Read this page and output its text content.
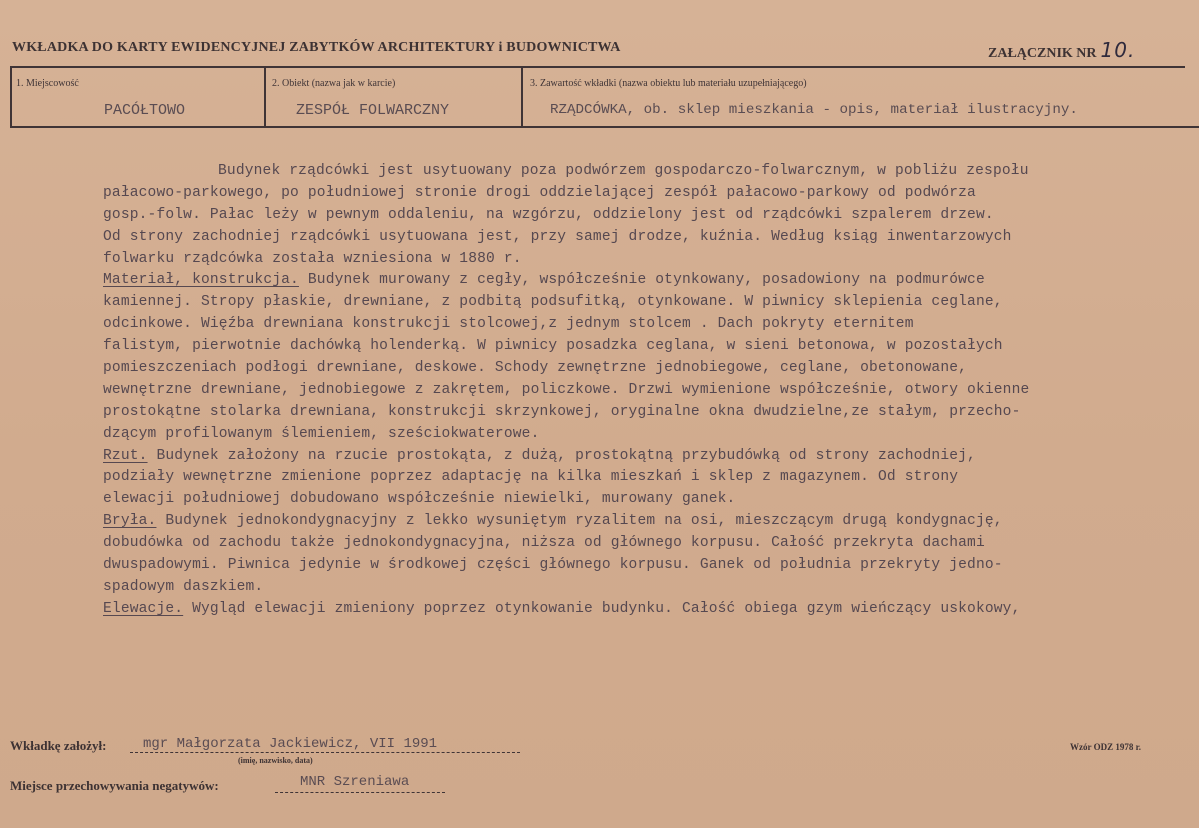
WKŁADKA DO KARTY EWIDENCYJNEJ ZABYTKÓW ARCHITEKTURY i BUDOWNICTWA	ZAŁĄCZNIK NR 10.
1. Miejscowość
PACÓŁTOWO
2. Obiekt (nazwa jak w karcie)
ZESPÓŁ FOLWARCZNY
3. Zawartość wkładki (nazwa obiektu lub materiału uzupełniającego)
RZĄDCÓWKA, ob. sklep mieszkania - opis, materiał ilustracyjny.
Budynek rządcówki jest usytuowany poza podwórzem gospodarczo-folwarcznym, w pobliżu zespołu
pałacowo-parkowego, po południowej stronie drogi oddzielającej zespół pałacowo-parkowy od podwórza
gosp.-folw. Pałac leży w pewnym oddaleniu, na wzgórzu, oddzielony jest od rządcówki szpalerem drzew.
Od strony zachodniej rządcówki usytuowana jest, przy samej drodze, kuźnia. Według ksiąg inwentarzowych
folwarku rządcówka została wzniesiona w 1880 r.
Materiał, konstrukcja. Budynek murowany z cegły, współcześnie otynkowany, posadowiony na podmurówce
kamiennej. Stropy płaskie, drewniane, z podbitą podsufitką, otynkowane. W piwnicy sklepienia ceglane,
odcinkowe. Więźba drewniana konstrukcji stolcowej,z jednym stolcem . Dach pokryty eternitem
falistym, pierwotnie dachówką holenderką. W piwnicy posadzka ceglana, w sieni betonowa, w pozostałych
pomieszczeniach podłogi drewniane, deskowe. Schody zewnętrzne jednobiegowe, ceglane, obetonowane,
wewnętrzne drewniane, jednobiegowe z zakrętem, policzkowe. Drzwi wymienione współcześnie, otwory okienne
prostokątne stolarka drewniana, konstrukcji skrzynkowej, oryginalne okna dwudzielne,ze stałym, przecho-
dzącym profilowanym ślemieniem, sześciokwaterowe.
Rzut. Budynek założony na rzucie prostokąta, z dużą, prostokątną przybudówką od strony zachodniej,
podziały wewnętrzne zmienione poprzez adaptację na kilka mieszkań i sklep z magazynem. Od strony
elewacji południowej dobudowano współcześnie niewielki, murowany ganek.
Bryła. Budynek jednokondygnacyjny z lekko wysuniętym ryzalitem na osi, mieszczącym drugą kondygnację,
dobudówka od zachodu także jednokondygnacyjna, niższa od głównego korpusu. Całość przekryta dachami
dwuspadowymi. Piwnica jedynie w środkowej części głównego korpusu. Ganek od południa przekryty jedno-
spadowym daszkiem.
Elewacje. Wygląd elewacji zmieniony poprzez otynkowanie budynku. Całość obiega gzym wieńczący uskokowy,
Wkładkę założył:	mgr Małgorzata Jackiewicz, VII 1991
(imię, nazwisko, data)
Wzór ODZ 1978 r.
Miejsce przechowywania negatywów:	MNR Szreniawa
